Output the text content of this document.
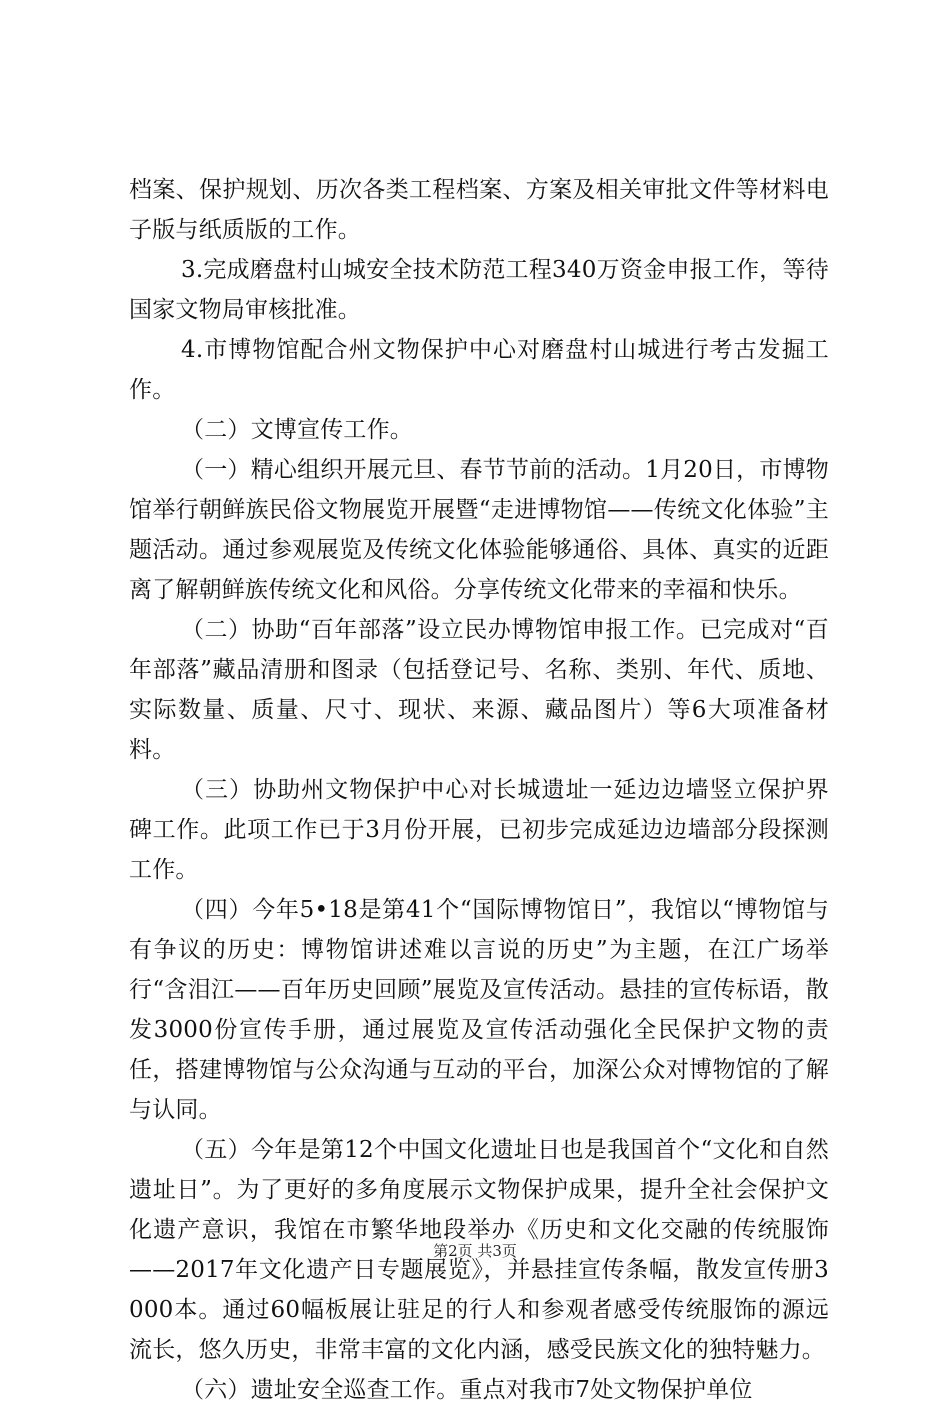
档案、保护规划、历次各类工程档案、方案及相关审批文件等材料电子版与纸质版的工作。

3.完成磨盘村山城安全技术防范工程340万资金申报工作，等待国家文物局审核批准。

4.市博物馆配合州文物保护中心对磨盘村山城进行考古发掘工作。

（二）文博宣传工作。

（一）精心组织开展元旦、春节节前的活动。1月20日，市博物馆举行朝鲜族民俗文物展览开展暨“走进博物馆——传统文化体验”主题活动。通过参观展览及传统文化体验能够通俗、具体、真实的近距离了解朝鲜族传统文化和风俗。分享传统文化带来的幸福和快乐。

（二）协助“百年部落”设立民办博物馆申报工作。已完成对“百年部落”藏品清册和图录（包括登记号、名称、类别、年代、质地、实际数量、质量、尺寸、现状、来源、藏品图片）等6大项准备材料。

（三）协助州文物保护中心对长城遗址一延边边墙竖立保护界碑工作。此项工作已于3月份开展，已初步完成延边边墙部分段探测工作。

（四）今年5•18是第41个“国际博物馆日”，我馆以“博物馆与有争议的历史：博物馆讲述难以言说的历史”为主题，在江广场举行“含泪江——百年历史回顾”展览及宣传活动。悬挂的宣传标语，散发3000份宣传手册，通过展览及宣传活动强化全民保护文物的责任，搭建博物馆与公众沟通与互动的平台，加深公众对博物馆的了解与认同。

（五）今年是第12个中国文化遗址日也是我国首个“文化和自然遗址日”。为了更好的多角度展示文物保护成果，提升全社会保护文化遗产意识，我馆在市繁华地段举办《历史和文化交融的传统服饰——2017年文化遗产日专题展览》，并悬挂宣传条幅，散发宣传册3000本。通过60幅板展让驻足的行人和参观者感受传统服饰的源远流长，悠久历史，非常丰富的文化内涵，感受民族文化的独特魅力。

（六）遗址安全巡查工作。重点对我市7处文物保护单位

第2页 共3页
